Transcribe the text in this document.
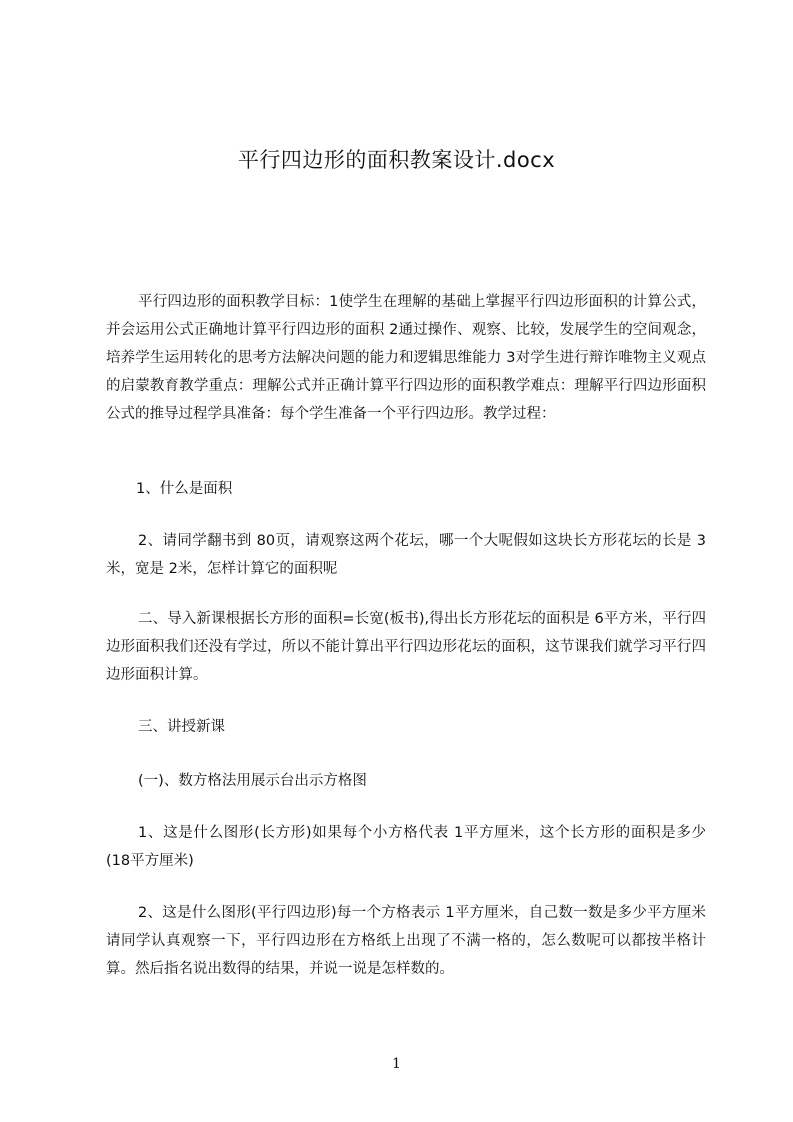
平行四边形的面积教案设计.docx

平行四边形的面积教学目标：1使学生在理解的基础上掌握平行四边形面积的计算公式，并会运用公式正确地计算平行四边形的面积 2通过操作、观察、比较，发展学生的空间观念，培养学生运用转化的思考方法解决问题的能力和逻辑思维能力 3对学生进行辩诈唯物主义观点的启蒙教育教学重点：理解公式并正确计算平行四边形的面积教学难点：理解平行四边形面积公式的推导过程学具准备：每个学生准备一个平行四边形。教学过程：

1、什么是面积

2、请同学翻书到 80页，请观察这两个花坛，哪一个大呢假如这块长方形花坛的长是 3米，宽是 2米，怎样计算它的面积呢

二、导入新课根据长方形的面积=长宽(板书),得出长方形花坛的面积是 6平方米，平行四边形面积我们还没有学过，所以不能计算出平行四边形花坛的面积，这节课我们就学习平行四边形面积计算。

三、讲授新课

(一)、数方格法用展示台出示方格图

1、这是什么图形(长方形)如果每个小方格代表 1平方厘米，这个长方形的面积是多少 (18平方厘米)

2、这是什么图形(平行四边形)每一个方格表示 1平方厘米，自己数一数是多少平方厘米请同学认真观察一下，平行四边形在方格纸上出现了不满一格的，怎么数呢可以都按半格计算。然后指名说出数得的结果，并说一说是怎样数的。

1
